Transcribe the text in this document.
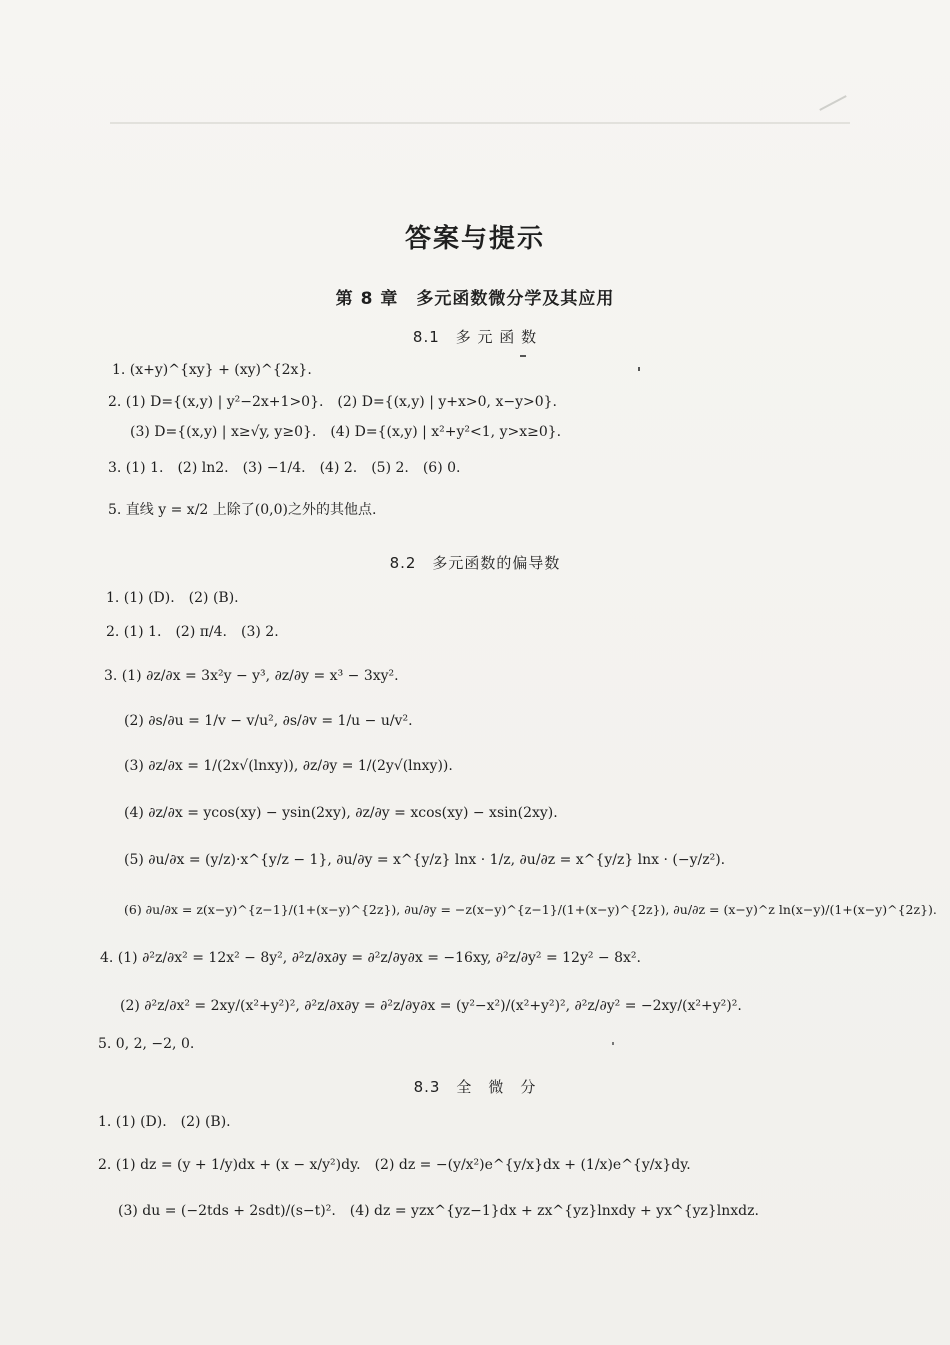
答案与提示
第 8 章　多元函数微分学及其应用
8.1　多 元 函 数
1. (x+y)^{xy} + (xy)^{2x}.
2. (1) D={(x,y) | y²−2x+1>0}.　(2) D={(x,y) | y+x>0, x−y>0}.
(3) D={(x,y) | x≥√y, y≥0}.　(4) D={(x,y) | x²+y²<1, y>x≥0}.
3. (1) 1.　(2) ln2.　(3) −1/4.　(4) 2.　(5) 2.　(6) 0.
5. 直线 y = x/2 上除了(0,0)之外的其他点.
8.2　多元函数的偏导数
1. (1) (D).　(2) (B).
2. (1) 1.　(2) π/4.　(3) 2.
3. (1) ∂z/∂x = 3x²y − y³, ∂z/∂y = x³ − 3xy².
(2) ∂s/∂u = 1/v − v/u², ∂s/∂v = 1/u − u/v².
(3) ∂z/∂x = 1/(2x√(lnxy)), ∂z/∂y = 1/(2y√(lnxy)).
(4) ∂z/∂x = ycos(xy) − ysin(2xy), ∂z/∂y = xcos(xy) − xsin(2xy).
(5) ∂u/∂x = (y/z)·x^{y/z − 1}, ∂u/∂y = x^{y/z} lnx · 1/z, ∂u/∂z = x^{y/z} lnx · (−y/z²).
(6) ∂u/∂x = z(x−y)^{z−1}/(1+(x−y)^{2z}), ∂u/∂y = −z(x−y)^{z−1}/(1+(x−y)^{2z}), ∂u/∂z = (x−y)^z ln(x−y)/(1+(x−y)^{2z}).
4. (1) ∂²z/∂x² = 12x² − 8y², ∂²z/∂x∂y = ∂²z/∂y∂x = −16xy, ∂²z/∂y² = 12y² − 8x².
(2) ∂²z/∂x² = 2xy/(x²+y²)², ∂²z/∂x∂y = ∂²z/∂y∂x = (y²−x²)/(x²+y²)², ∂²z/∂y² = −2xy/(x²+y²)².
5. 0, 2, −2, 0.
8.3　全　微　分
1. (1) (D).　(2) (B).
2. (1) dz = (y + 1/y)dx + (x − x/y²)dy.　(2) dz = −(y/x²)e^{y/x}dx + (1/x)e^{y/x}dy.
(3) du = (−2tds + 2sdt)/(s−t)².　(4) dz = yzx^{yz−1}dx + zx^{yz}lnxdy + yx^{yz}lnxdz.
